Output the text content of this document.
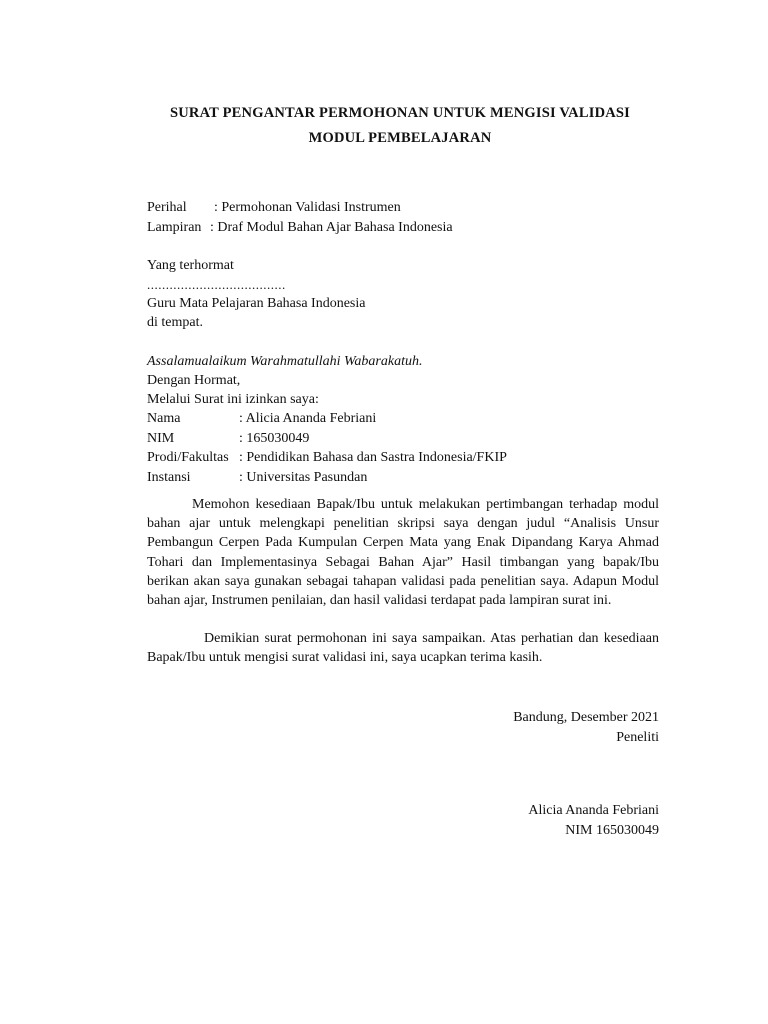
SURAT PENGANTAR PERMOHONAN UNTUK MENGISI VALIDASI
MODUL PEMBELAJARAN
Perihal	: Permohonan Validasi Instrumen
Lampiran : Draf Modul Bahan Ajar Bahasa Indonesia
Yang terhormat
.....................................
Guru Mata Pelajaran Bahasa Indonesia
di tempat.
Assalamualaikum Warahmatullahi Wabarakatuh.
Dengan Hormat,
Melalui Surat ini izinkan saya:
Nama	: Alicia Ananda Febriani
NIM	: 165030049
Prodi/Fakultas : Pendidikan Bahasa dan Sastra Indonesia/FKIP
Instansi	: Universitas Pasundan
Memohon kesediaan Bapak/Ibu untuk melakukan pertimbangan terhadap modul bahan ajar untuk melengkapi penelitian skripsi saya dengan judul “Analisis Unsur Pembangun Cerpen Pada Kumpulan Cerpen Mata yang Enak Dipandang Karya Ahmad Tohari dan Implementasinya Sebagai Bahan Ajar” Hasil timbangan yang bapak/Ibu berikan akan saya gunakan sebagai tahapan validasi pada penelitian saya. Adapun Modul bahan ajar, Instrumen penilaian, dan hasil validasi terdapat pada lampiran surat ini.
Demikian surat permohonan ini saya sampaikan. Atas perhatian dan kesediaan Bapak/Ibu untuk mengisi surat validasi ini, saya ucapkan terima kasih.
Bandung, Desember 2021
Peneliti
Alicia Ananda Febriani
NIM 165030049
